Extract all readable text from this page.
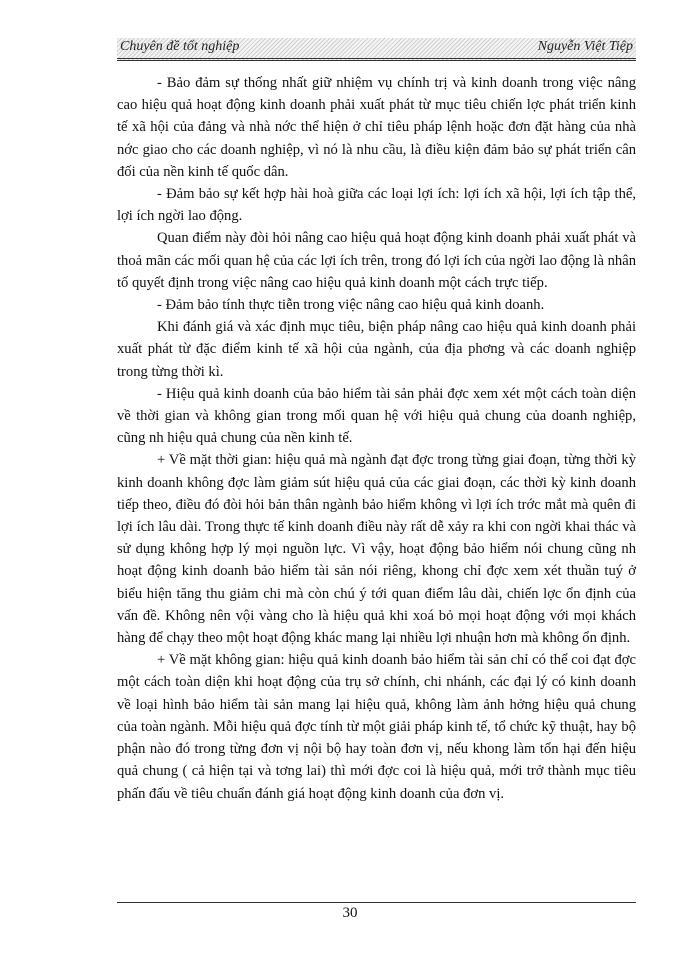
Chuyên đề tốt nghiệp	Nguyễn Việt Tiệp

- Bảo đảm sự thống nhất giữ nhiệm vụ chính trị và kinh doanh trong việc nâng cao hiệu quả hoạt động kinh doanh phải xuất phát từ mục tiêu chiến lợc phát triển kinh tế xã hội của đảng và nhà nớc thể hiện ở chỉ tiêu pháp lệnh hoặc đơn đặt hàng của nhà nớc giao cho các doanh nghiệp, vì nó là nhu cầu, là điều kiện đảm bảo sự phát triển cân đối của nền kinh tế quốc dân.

- Đảm bảo sự kết hợp hài hoà giữa các loại lợi ích: lợi ích xã hội, lợi ích tập thể, lợi ích ngời lao động.

Quan điểm này đòi hỏi nâng cao hiệu quả hoạt động kinh doanh phải xuất phát và thoả mãn các mối quan hệ của các lợi ích trên, trong đó lợi ích của ngời lao động là nhân tố quyết định trong việc nâng cao hiệu quả kinh doanh một cách trực tiếp.

- Đảm bảo tính thực tiễn trong việc nâng cao hiệu quả kinh doanh.

Khi đánh giá và xác định mục tiêu, biện pháp nâng cao hiệu quả kinh doanh phải xuất phát từ đặc điểm kinh tế xã hội của ngành, của địa phơng và các doanh nghiệp trong từng thời kì.

- Hiệu quả kinh doanh của bảo hiểm tài sản phải đợc xem xét một cách toàn diện về thời gian và không gian trong mối quan hệ với hiệu quả chung của doanh nghiệp, cũng nh hiệu quả chung của nền kinh tế.

+ Về mặt thời gian: hiệu quả mà ngành đạt đợc trong từng giai đoạn, từng thời kỳ kinh doanh không đợc làm giảm sút hiệu quả của các giai đoạn, các thời kỳ kinh doanh tiếp theo, điều đó đòi hỏi bản thân ngành bảo hiểm không vì lợi ích trớc mắt mà quên đi lợi ích lâu dài. Trong thực tế kinh doanh điều này rất dễ xảy ra khi con ngời khai thác và sử dụng không hợp lý mọi nguồn lực. Vì vậy, hoạt động bảo hiểm nói chung cũng nh hoạt động kinh doanh bảo hiểm tài sản nói riêng, khong chỉ đợc xem xét thuần tuý ở biểu hiện tăng thu giảm chi mà còn chú ý tới quan điểm lâu dài, chiến lợc ổn định của vấn đề. Không nên vội vàng cho là hiệu quả khi xoá bỏ mọi hoạt động với mọi khách hàng để chạy theo một hoạt động khác mang lại nhiều lợi nhuận hơn mà không ổn định.

+ Về mặt không gian: hiệu quả kinh doanh bảo hiểm tài sản chỉ có thể coi đạt đợc một cách toàn diện khi hoạt động của trụ sở chính, chi nhánh, các đại lý có kinh doanh về loại hình bảo hiểm tài sản mang lại hiệu quả, không làm ảnh hởng hiệu quả chung của toàn ngành. Mỗi hiệu quả đợc tính từ một giải pháp kinh tế, tổ chức kỹ thuật, hay bộ phận nào đó trong từng đơn vị nội bộ hay toàn đơn vị, nếu khong làm tổn hại đến hiệu quả chung ( cả hiện tại và tơng lai) thì mới đợc coi là hiệu quả, mới trở thành mục tiêu phấn đấu về tiêu chuẩn đánh giá hoạt động kinh doanh của đơn vị.

30
